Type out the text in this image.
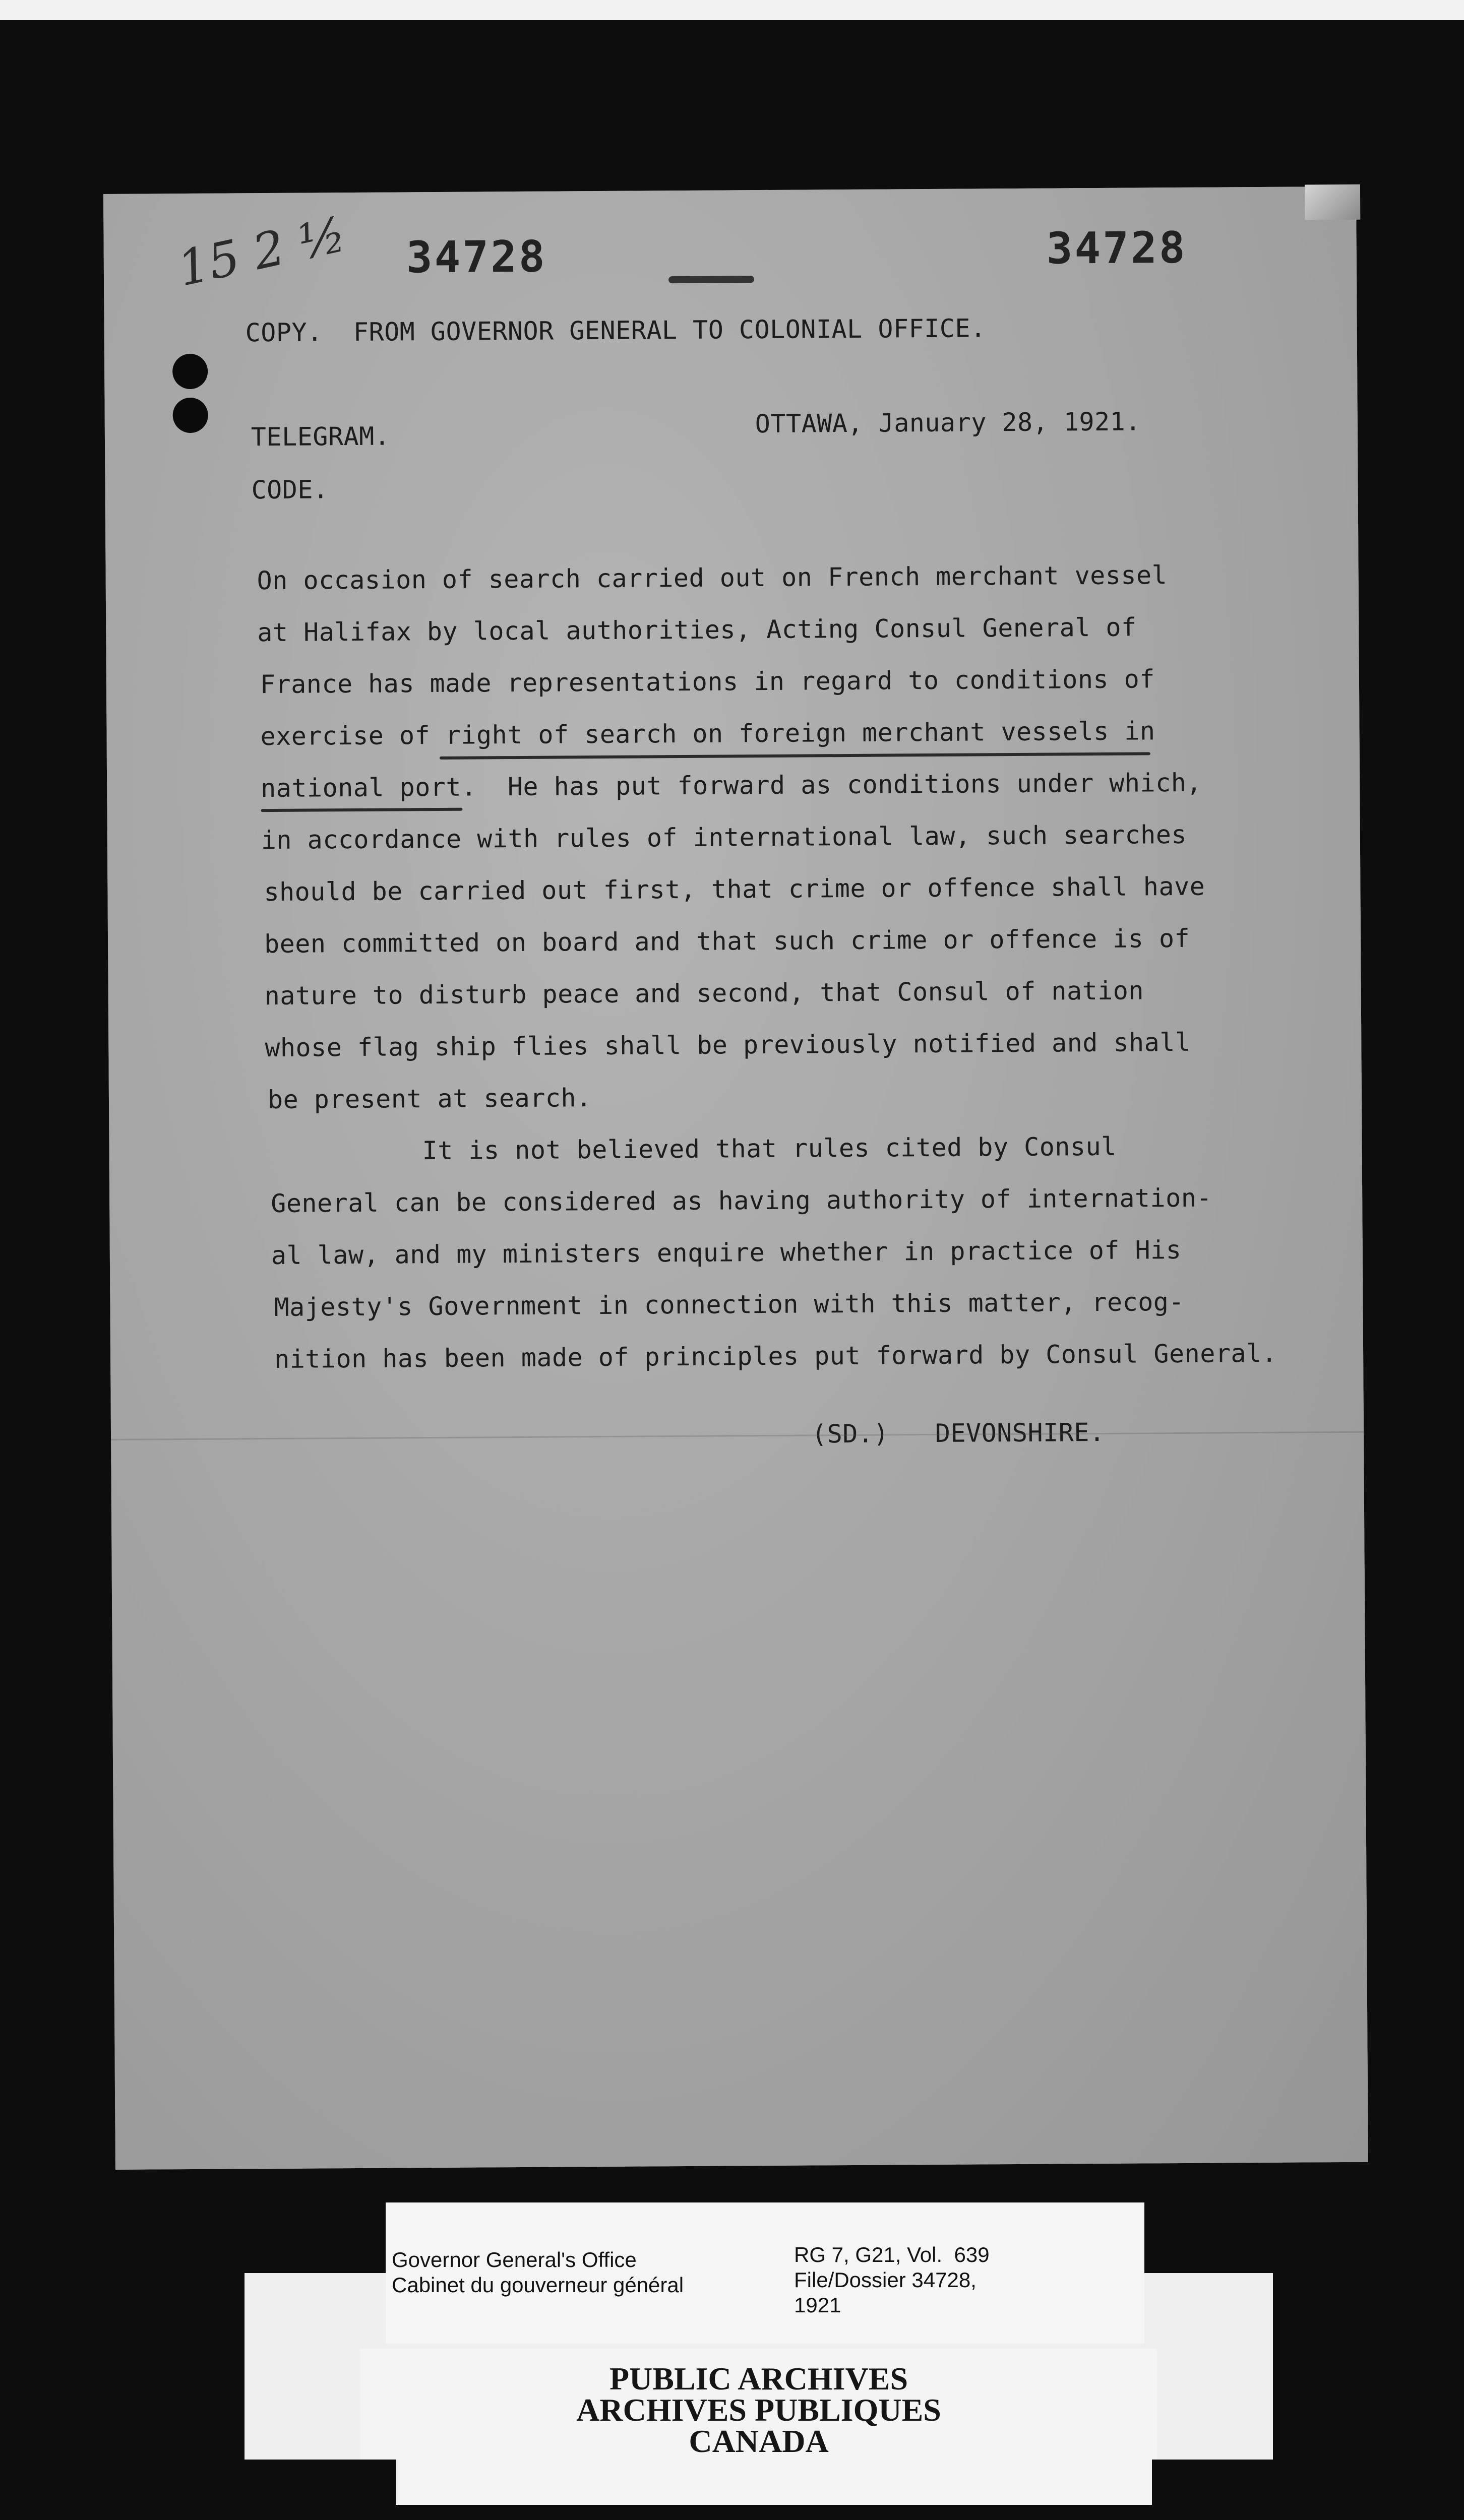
15 2 ½ 34728	34728
COPY.  FROM GOVERNOR GENERAL TO COLONIAL OFFICE.
TELEGRAM.	OTTAWA, January 28, 1921.
CODE.
On occasion of search carried out on French merchant vessel
at Halifax by local authorities, Acting Consul General of
France has made representations in regard to conditions of
exercise of right of search on foreign merchant vessels in
national port.  He has put forward as conditions under which,
in accordance with rules of international law, such searches
should be carried out first, that crime or offence shall have
been committed on board and that such crime or offence is of
nature to disturb peace and second, that Consul of nation
whose flag ship flies shall be previously notified and shall
be present at search.
It is not believed that rules cited by Consul
General can be considered as having authority of internation-
al law, and my ministers enquire whether in practice of His
Majesty's Government in connection with this matter, recog-
nition has been made of principles put forward by Consul General.
(SD.)   DEVONSHIRE.
PUBLIC ARCHIVES
ARCHIVES PUBLIQUES
CANADA
Governor General's Office
Cabinet du gouverneur général
RG 7, G21, Vol.  639
File/Dossier 34728,
1921
